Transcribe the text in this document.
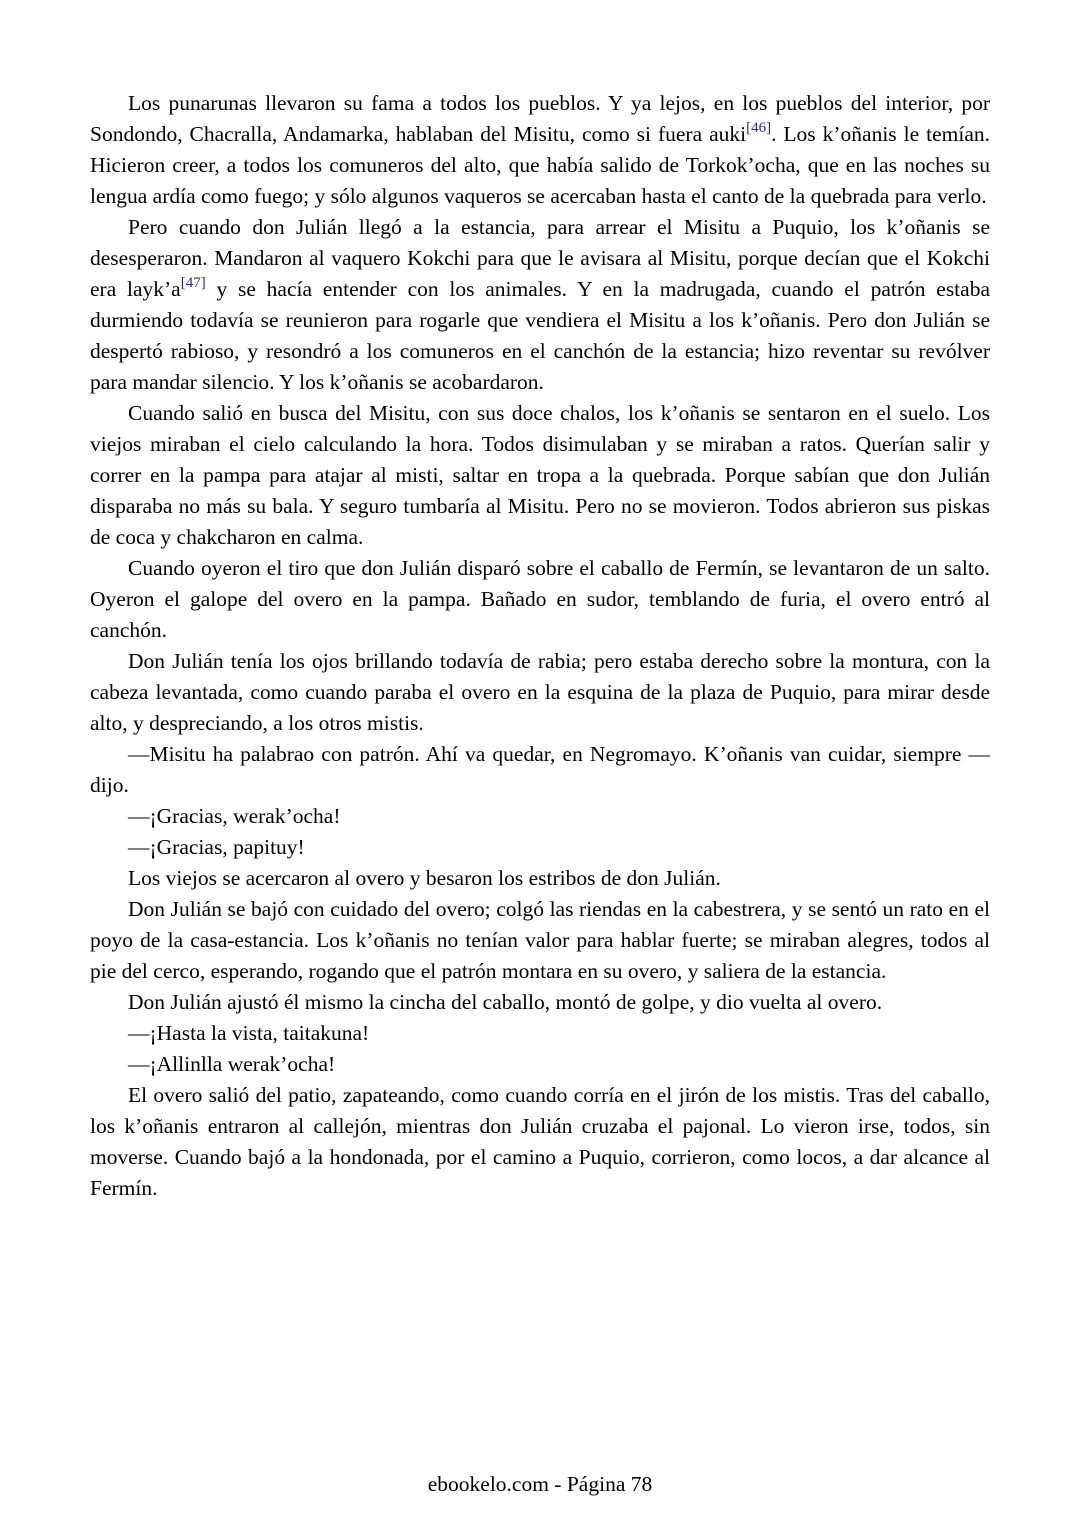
Los punarunas llevaron su fama a todos los pueblos. Y ya lejos, en los pueblos del interior, por Sondondo, Chacralla, Andamarka, hablaban del Misitu, como si fuera auki[46]. Los k’oñanis le temían. Hicieron creer, a todos los comuneros del alto, que había salido de Torkok’ocha, que en las noches su lengua ardía como fuego; y sólo algunos vaqueros se acercaban hasta el canto de la quebrada para verlo.

Pero cuando don Julián llegó a la estancia, para arrear el Misitu a Puquio, los k’oñanis se desesperaron. Mandaron al vaquero Kokchi para que le avisara al Misitu, porque decían que el Kokchi era layk’a[47] y se hacía entender con los animales. Y en la madrugada, cuando el patrón estaba durmiendo todavía se reunieron para rogarle que vendiera el Misitu a los k’oñanis. Pero don Julián se despertó rabioso, y resondró a los comuneros en el canchón de la estancia; hizo reventar su revólver para mandar silencio. Y los k’oñanis se acobardaron.

Cuando salió en busca del Misitu, con sus doce chalos, los k’oñanis se sentaron en el suelo. Los viejos miraban el cielo calculando la hora. Todos disimulaban y se miraban a ratos. Querían salir y correr en la pampa para atajar al misti, saltar en tropa a la quebrada. Porque sabían que don Julián disparaba no más su bala. Y seguro tumbaría al Misitu. Pero no se movieron. Todos abrieron sus piskas de coca y chakcharon en calma.

Cuando oyeron el tiro que don Julián disparó sobre el caballo de Fermín, se levantaron de un salto. Oyeron el galope del overo en la pampa. Bañado en sudor, temblando de furia, el overo entró al canchón.

Don Julián tenía los ojos brillando todavía de rabia; pero estaba derecho sobre la montura, con la cabeza levantada, como cuando paraba el overo en la esquina de la plaza de Puquio, para mirar desde alto, y despreciando, a los otros mistis.

—Misitu ha palabrao con patrón. Ahí va quedar, en Negromayo. K’oñanis van cuidar, siempre —dijo.

—¡Gracias, werak’ocha!

—¡Gracias, papituy!

Los viejos se acercaron al overo y besaron los estribos de don Julián.

Don Julián se bajó con cuidado del overo; colgó las riendas en la cabestrera, y se sentó un rato en el poyo de la casa-estancia. Los k’oñanis no tenían valor para hablar fuerte; se miraban alegres, todos al pie del cerco, esperando, rogando que el patrón montara en su overo, y saliera de la estancia.

Don Julián ajustó él mismo la cincha del caballo, montó de golpe, y dio vuelta al overo.

—¡Hasta la vista, taitakuna!

—¡Allinlla werak’ocha!

El overo salió del patio, zapateando, como cuando corría en el jirón de los mistis. Tras del caballo, los k’oñanis entraron al callejón, mientras don Julián cruzaba el pajonal. Lo vieron irse, todos, sin moverse. Cuando bajó a la hondonada, por el camino a Puquio, corrieron, como locos, a dar alcance al Fermín.

ebookelo.com - Página 78
